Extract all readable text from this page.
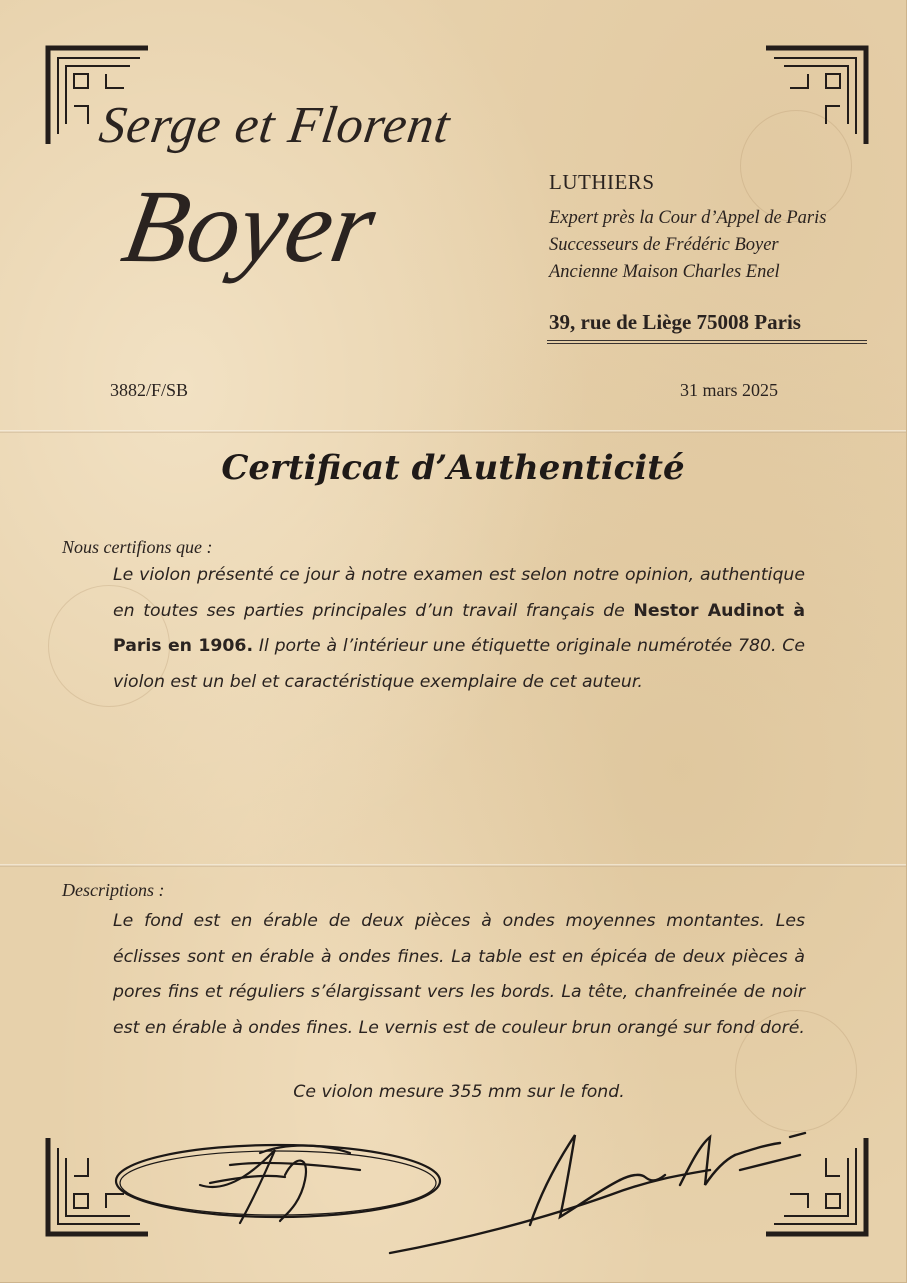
Serge et Florent
Boyer	LUTHIERS
Expert près la Cour d’Appel de Paris
Successeurs de Frédéric Boyer
Ancienne Maison Charles Enel
39, rue de Liège 75008 Paris
3882/F/SB	31 mars 2025
Certificat d’Authenticité
Nous certifions que :
Le violon présenté ce jour à notre examen est selon notre opinion, authentique en toutes ses parties principales d’un travail français de Nestor Audinot à Paris en 1906. Il porte à l’intérieur une étiquette originale numérotée 780. Ce violon est un bel et caractéristique exemplaire de cet auteur.
Descriptions :
Le fond est en érable de deux pièces à ondes moyennes montantes. Les éclisses sont en érable à ondes fines. La table est en épicéa de deux pièces à pores fins et réguliers s’élargissant vers les bords. La tête, chanfreinée de noir est en érable à ondes fines. Le vernis est de couleur brun orangé sur fond doré.
Ce violon mesure 355 mm sur le fond.
